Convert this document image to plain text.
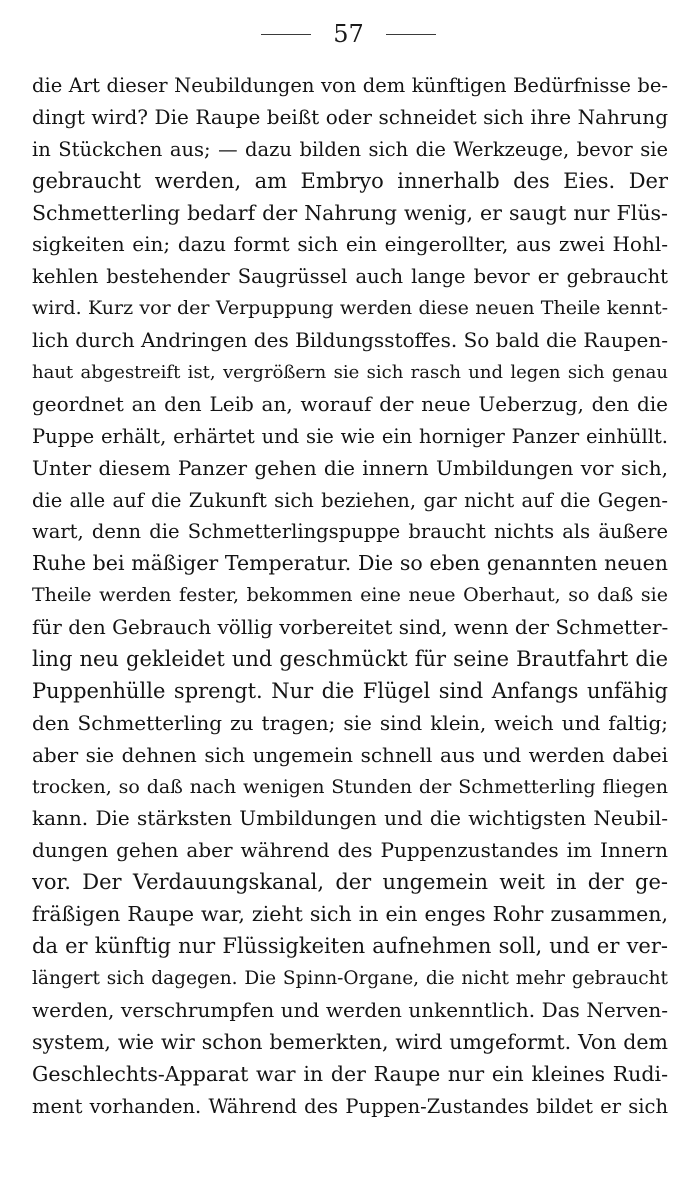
57
die Art dieser Neubildungen von dem künftigen Bedürfnisse be-
dingt wird? Die Raupe beißt oder schneidet sich ihre Nahrung
in Stückchen aus; — dazu bilden sich die Werkzeuge, bevor sie
gebraucht werden, am Embryo innerhalb des Eies. Der
Schmetterling bedarf der Nahrung wenig, er saugt nur Flüs-
sigkeiten ein; dazu formt sich ein eingerollter, aus zwei Hohl-
kehlen bestehender Saugrüssel auch lange bevor er gebraucht
wird. Kurz vor der Verpuppung werden diese neuen Theile kennt-
lich durch Andringen des Bildungsstoffes. So bald die Raupen-
haut abgestreift ist, vergrößern sie sich rasch und legen sich genau
geordnet an den Leib an, worauf der neue Ueberzug, den die
Puppe erhält, erhärtet und sie wie ein horniger Panzer einhüllt.
Unter diesem Panzer gehen die innern Umbildungen vor sich,
die alle auf die Zukunft sich beziehen, gar nicht auf die Gegen-
wart, denn die Schmetterlingspuppe braucht nichts als äußere
Ruhe bei mäßiger Temperatur. Die so eben genannten neuen
Theile werden fester, bekommen eine neue Oberhaut, so daß sie
für den Gebrauch völlig vorbereitet sind, wenn der Schmetter-
ling neu gekleidet und geschmückt für seine Brautfahrt die
Puppenhülle sprengt. Nur die Flügel sind Anfangs unfähig
den Schmetterling zu tragen; sie sind klein, weich und faltig;
aber sie dehnen sich ungemein schnell aus und werden dabei
trocken, so daß nach wenigen Stunden der Schmetterling fliegen
kann. Die stärksten Umbildungen und die wichtigsten Neubil-
dungen gehen aber während des Puppenzustandes im Innern
vor. Der Verdauungskanal, der ungemein weit in der ge-
fräßigen Raupe war, zieht sich in ein enges Rohr zusammen,
da er künftig nur Flüssigkeiten aufnehmen soll, und er ver-
längert sich dagegen. Die Spinn-Organe, die nicht mehr gebraucht
werden, verschrumpfen und werden unkenntlich. Das Nerven-
system, wie wir schon bemerkten, wird umgeformt. Von dem
Geschlechts-Apparat war in der Raupe nur ein kleines Rudi-
ment vorhanden. Während des Puppen-Zustandes bildet er sich
